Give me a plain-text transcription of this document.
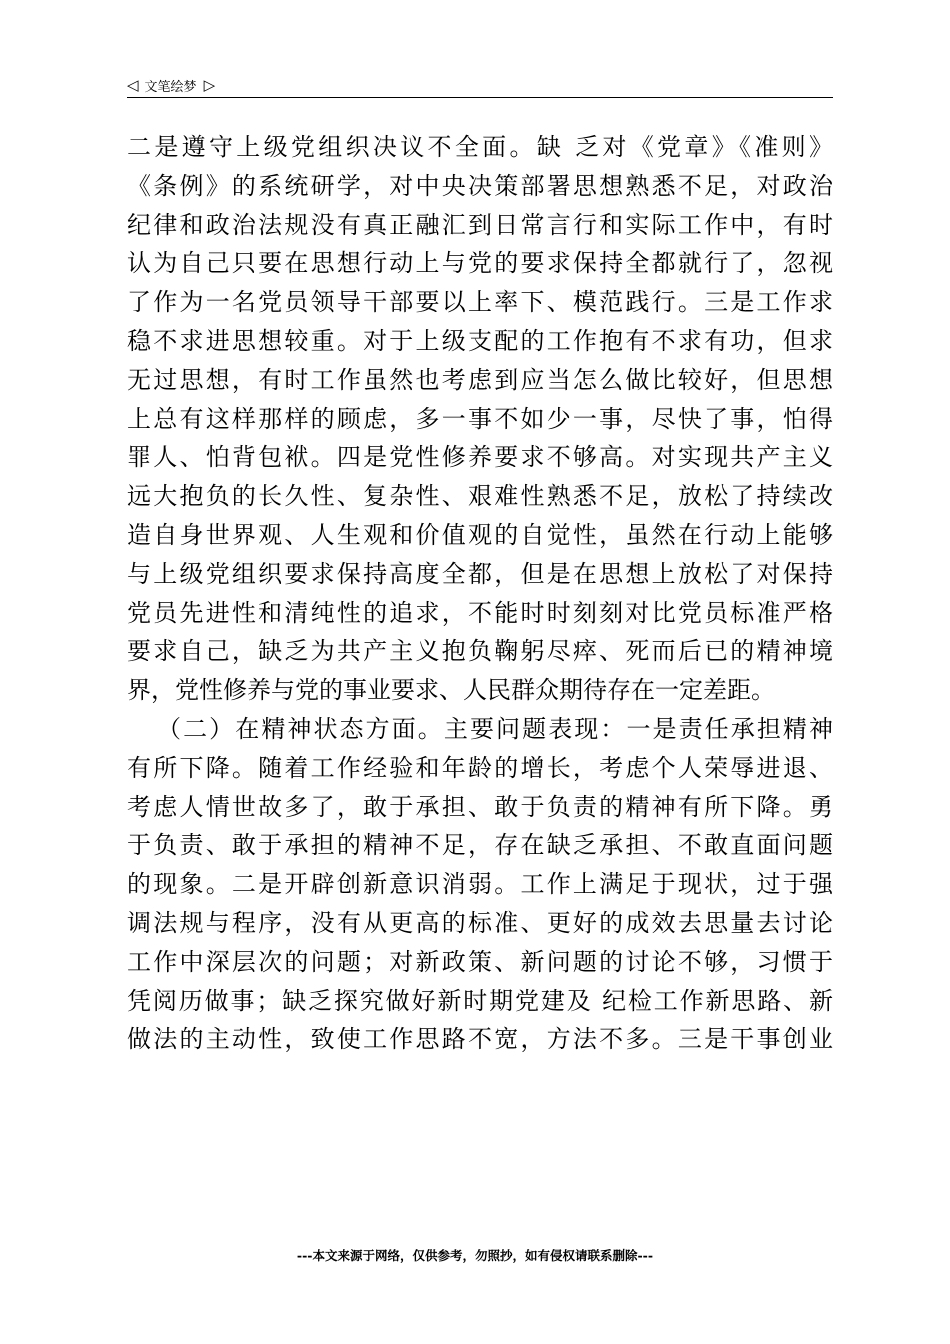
◁ 文笔绘梦 ▷
二是遵守上级党组织决议不全面。缺 乏对《党章》《准则》
《条例》的系统研学，对中央决策部署思想熟悉不足，对政治
纪律和政治法规没有真正融汇到日常言行和实际工作中，有时
认为自己只要在思想行动上与党的要求保持全都就行了，忽视
了作为一名党员领导干部要以上率下、模范践行。三是工作求
稳不求进思想较重。对于上级支配的工作抱有不求有功，但求
无过思想，有时工作虽然也考虑到应当怎么做比较好，但思想
上总有这样那样的顾虑，多一事不如少一事，尽快了事，怕得
罪人、怕背包袱。四是党性修养要求不够高。对实现共产主义
远大抱负的长久性、复杂性、艰难性熟悉不足，放松了持续改
造自身世界观、人生观和价值观的自觉性，虽然在行动上能够
与上级党组织要求保持高度全都，但是在思想上放松了对保持
党员先进性和清纯性的追求，不能时时刻刻对比党员标准严格
要求自己，缺乏为共产主义抱负鞠躬尽瘁、死而后已的精神境
界，党性修养与党的事业要求、人民群众期待存在一定差距。
（二）在精神状态方面。主要问题表现：一是责任承担精神
有所下降。随着工作经验和年龄的增长，考虑个人荣辱进退、
考虑人情世故多了，敢于承担、敢于负责的精神有所下降。勇
于负责、敢于承担的精神不足，存在缺乏承担、不敢直面问题
的现象。二是开辟创新意识消弱。工作上满足于现状，过于强
调法规与程序，没有从更高的标准、更好的成效去思量去讨论
工作中深层次的问题；对新政策、新问题的讨论不够，习惯于
凭阅历做事；缺乏探究做好新时期党建及 纪检工作新思路、新
做法的主动性，致使工作思路不宽，方法不多。三是干事创业
---本文来源于网络，仅供参考，勿照抄，如有侵权请联系删除---
